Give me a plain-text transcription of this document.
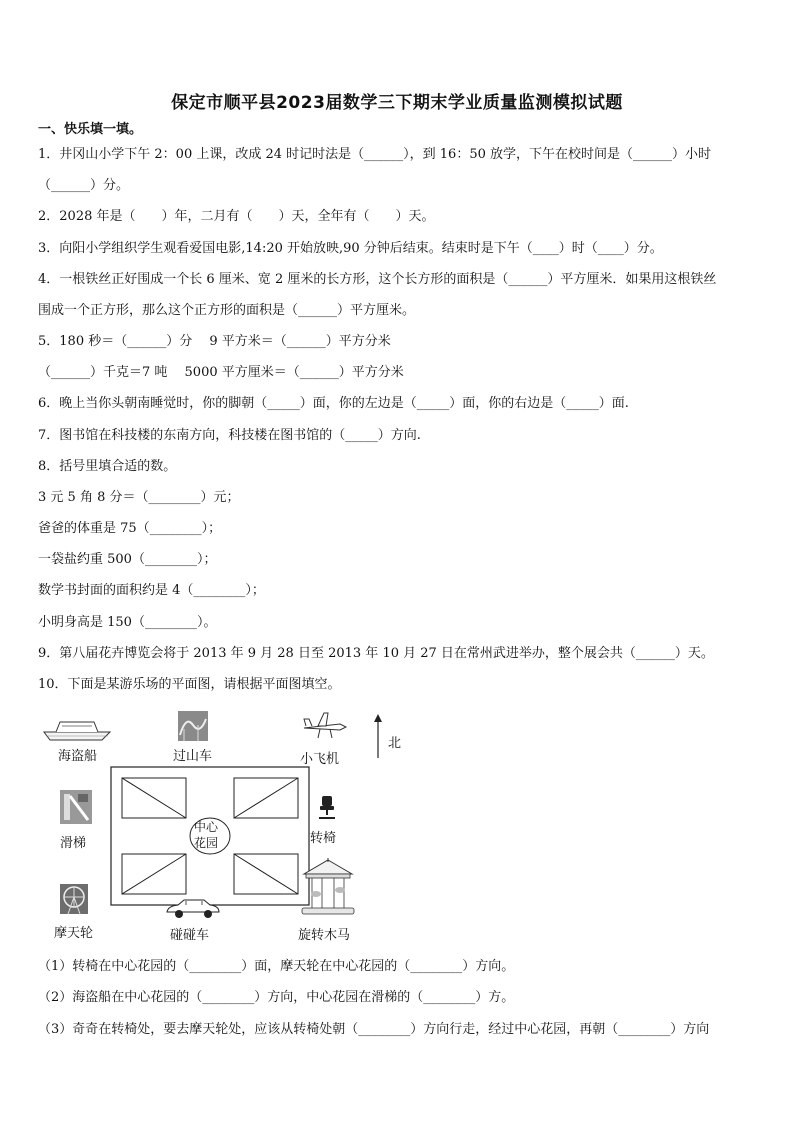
保定市顺平县2023届数学三下期末学业质量监测模拟试题
一、快乐填一填。
1．井冈山小学下午 2：00 上课，改成 24 时记时法是（______），到 16：50 放学，下午在校时间是（______）小时
（______）分。
2．2028 年是（　　）年，二月有（　　）天，全年有（　　）天。
3．向阳小学组织学生观看爱国电影,14:20 开始放映,90 分钟后结束。结束时是下午（____）时（____）分。
4．一根铁丝正好围成一个长 6 厘米、宽 2 厘米的长方形，这个长方形的面积是（______）平方厘米．如果用这根铁丝
围成一个正方形，那么这个正方形的面积是（______）平方厘米。
5．180 秒＝（______）分　 9 平方米＝（______）平方分米
（______）千克＝7 吨　 5000 平方厘米＝（______）平方分米
6．晚上当你头朝南睡觉时，你的脚朝（_____）面，你的左边是（_____）面，你的右边是（_____）面.
7．图书馆在科技楼的东南方向，科技楼在图书馆的（_____）方向.
8．括号里填合适的数。
3 元 5 角 8 分＝（________）元；
爸爸的体重是 75（________）；
一袋盐约重 500（________）；
数学书封面的面积约是 4（________）；
小明身高是 150（________）。
9．第八届花卉博览会将于 2013 年 9 月 28 日至 2013 年 10 月 27 日在常州武进举办，整个展会共（______）天。
10．下面是某游乐场的平面图，请根据平面图填空。
海盗船	过山车	小飞机
北
中心
花园
滑梯	转椅
摩天轮	碰碰车	旋转木马
（1）转椅在中心花园的（________）面，摩天轮在中心花园的（________）方向。
（2）海盗船在中心花园的（________）方向，中心花园在滑梯的（________）方。
（3）奇奇在转椅处，要去摩天轮处，应该从转椅处朝（________）方向行走，经过中心花园，再朝（________）方向
